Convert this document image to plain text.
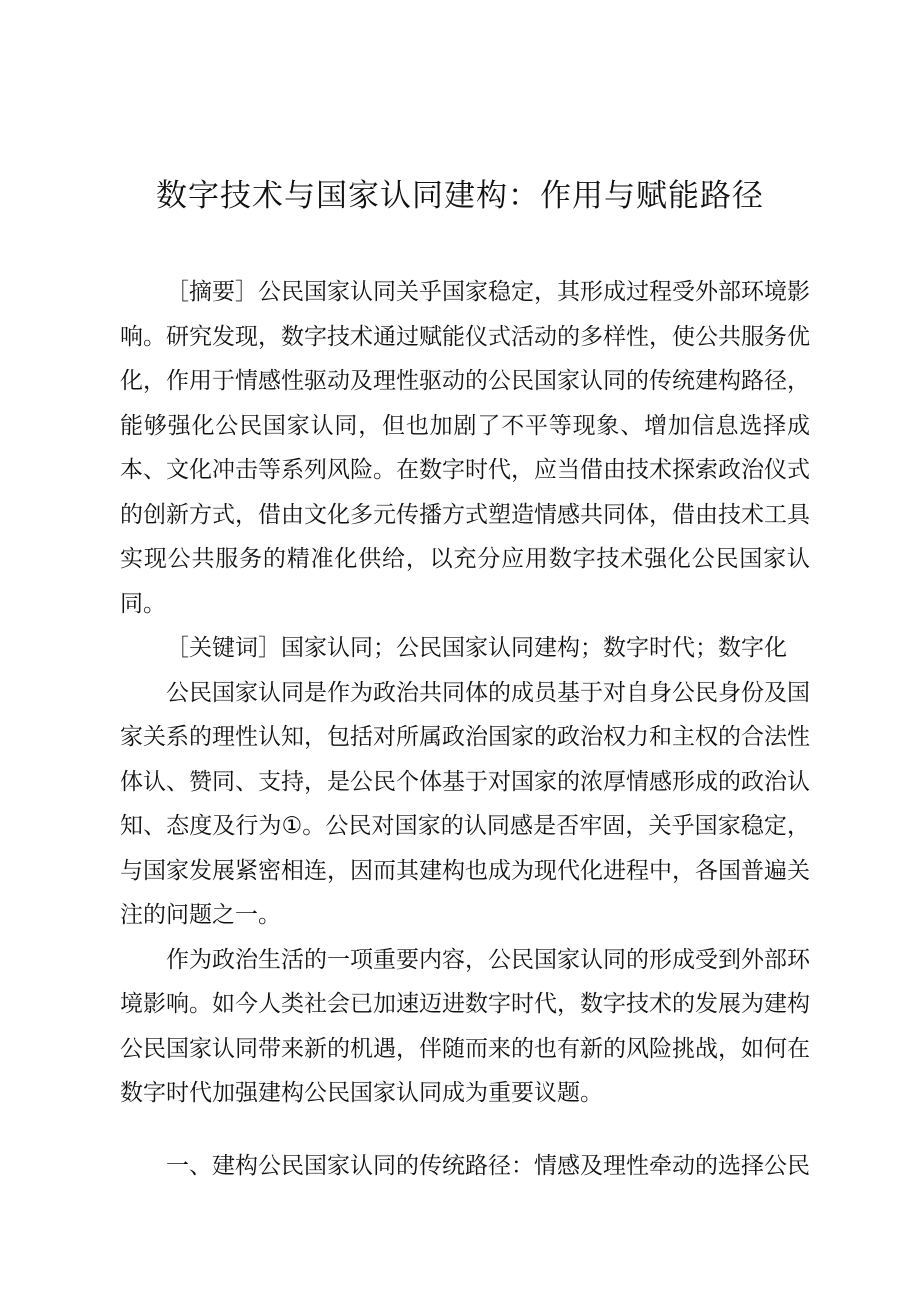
数字技术与国家认同建构：作用与赋能路径

［摘要］公民国家认同关乎国家稳定，其形成过程受外部环境影响。研究发现，数字技术通过赋能仪式活动的多样性，使公共服务优化，作用于情感性驱动及理性驱动的公民国家认同的传统建构路径，能够强化公民国家认同，但也加剧了不平等现象、增加信息选择成本、文化冲击等系列风险。在数字时代，应当借由技术探索政治仪式的创新方式，借由文化多元传播方式塑造情感共同体，借由技术工具实现公共服务的精准化供给，以充分应用数字技术强化公民国家认同。

［关键词］国家认同；公民国家认同建构；数字时代；数字化

公民国家认同是作为政治共同体的成员基于对自身公民身份及国家关系的理性认知，包括对所属政治国家的政治权力和主权的合法性体认、赞同、支持，是公民个体基于对国家的浓厚情感形成的政治认知、态度及行为①。公民对国家的认同感是否牢固，关乎国家稳定，与国家发展紧密相连，因而其建构也成为现代化进程中，各国普遍关注的问题之一。

作为政治生活的一项重要内容，公民国家认同的形成受到外部环境影响。如今人类社会已加速迈进数字时代，数字技术的发展为建构公民国家认同带来新的机遇，伴随而来的也有新的风险挑战，如何在数字时代加强建构公民国家认同成为重要议题。

一、建构公民国家认同的传统路径：情感及理性牵动的选择公民
